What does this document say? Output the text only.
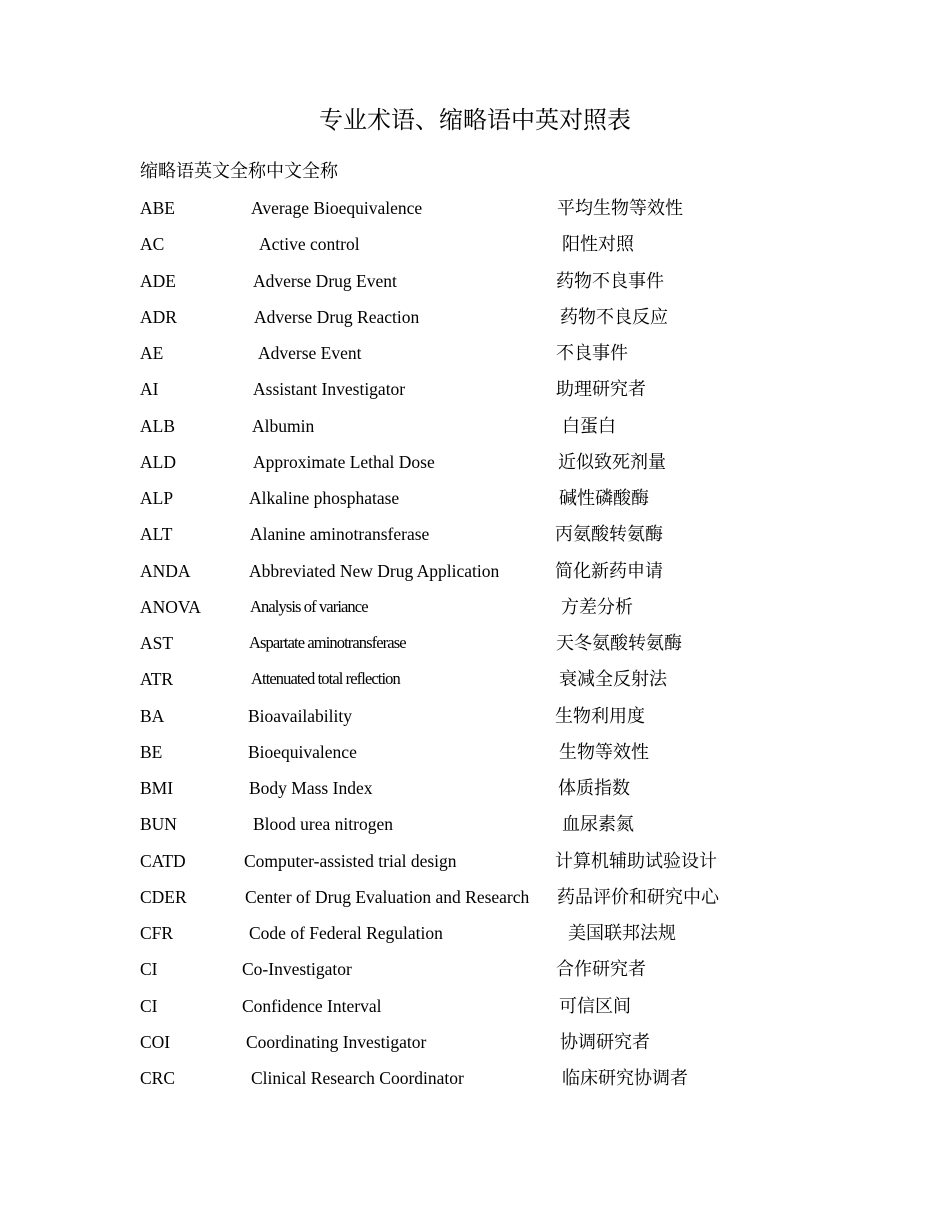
专业术语、缩略语中英对照表
缩略语英文全称中文全称
ABE	Average Bioequivalence	平均生物等效性
AC	Active control	阳性对照
ADE	Adverse Drug Event	药物不良事件
ADR	Adverse Drug Reaction	药物不良反应
AE	Adverse Event	不良事件
AI	Assistant Investigator	助理研究者
ALB	Albumin	白蛋白
ALD	Approximate Lethal Dose	近似致死剂量
ALP	Alkaline phosphatase	碱性磷酸酶
ALT	Alanine aminotransferase	丙氨酸转氨酶
ANDA	Abbreviated New Drug Application	简化新药申请
ANOVA	Analysis of variance	方差分析
AST	Aspartate aminotransferase	天冬氨酸转氨酶
ATR	Attenuated total reflection	衰减全反射法
BA	Bioavailability	生物利用度
BE	Bioequivalence	生物等效性
BMI	Body Mass Index	体质指数
BUN	Blood urea nitrogen	血尿素氮
CATD	Computer-assisted trial design	计算机辅助试验设计
CDER	Center of Drug Evaluation and Research 药品评价和研究中心
CFR	Code of Federal Regulation	美国联邦法规
CI	Co-Investigator	合作研究者
CI	Confidence Interval	可信区间
COI	Coordinating Investigator	协调研究者
CRC	Clinical Research Coordinator	临床研究协调者
